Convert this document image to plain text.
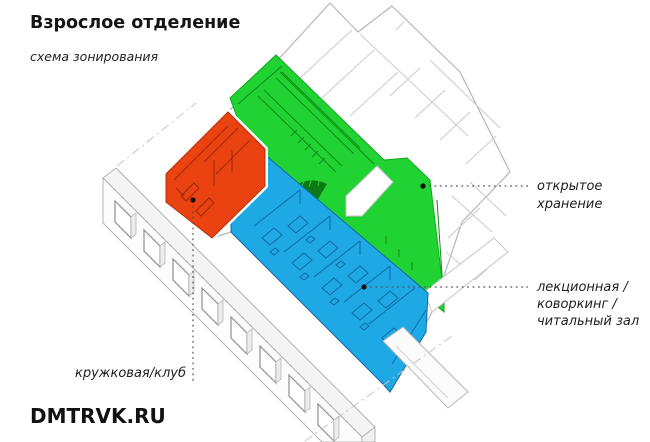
Взрослое отделение
схема зонирования
DMTRVK.RU
открытое
хранение
лекционная /
коворкинг /
читальный зал
кружковая/клуб
